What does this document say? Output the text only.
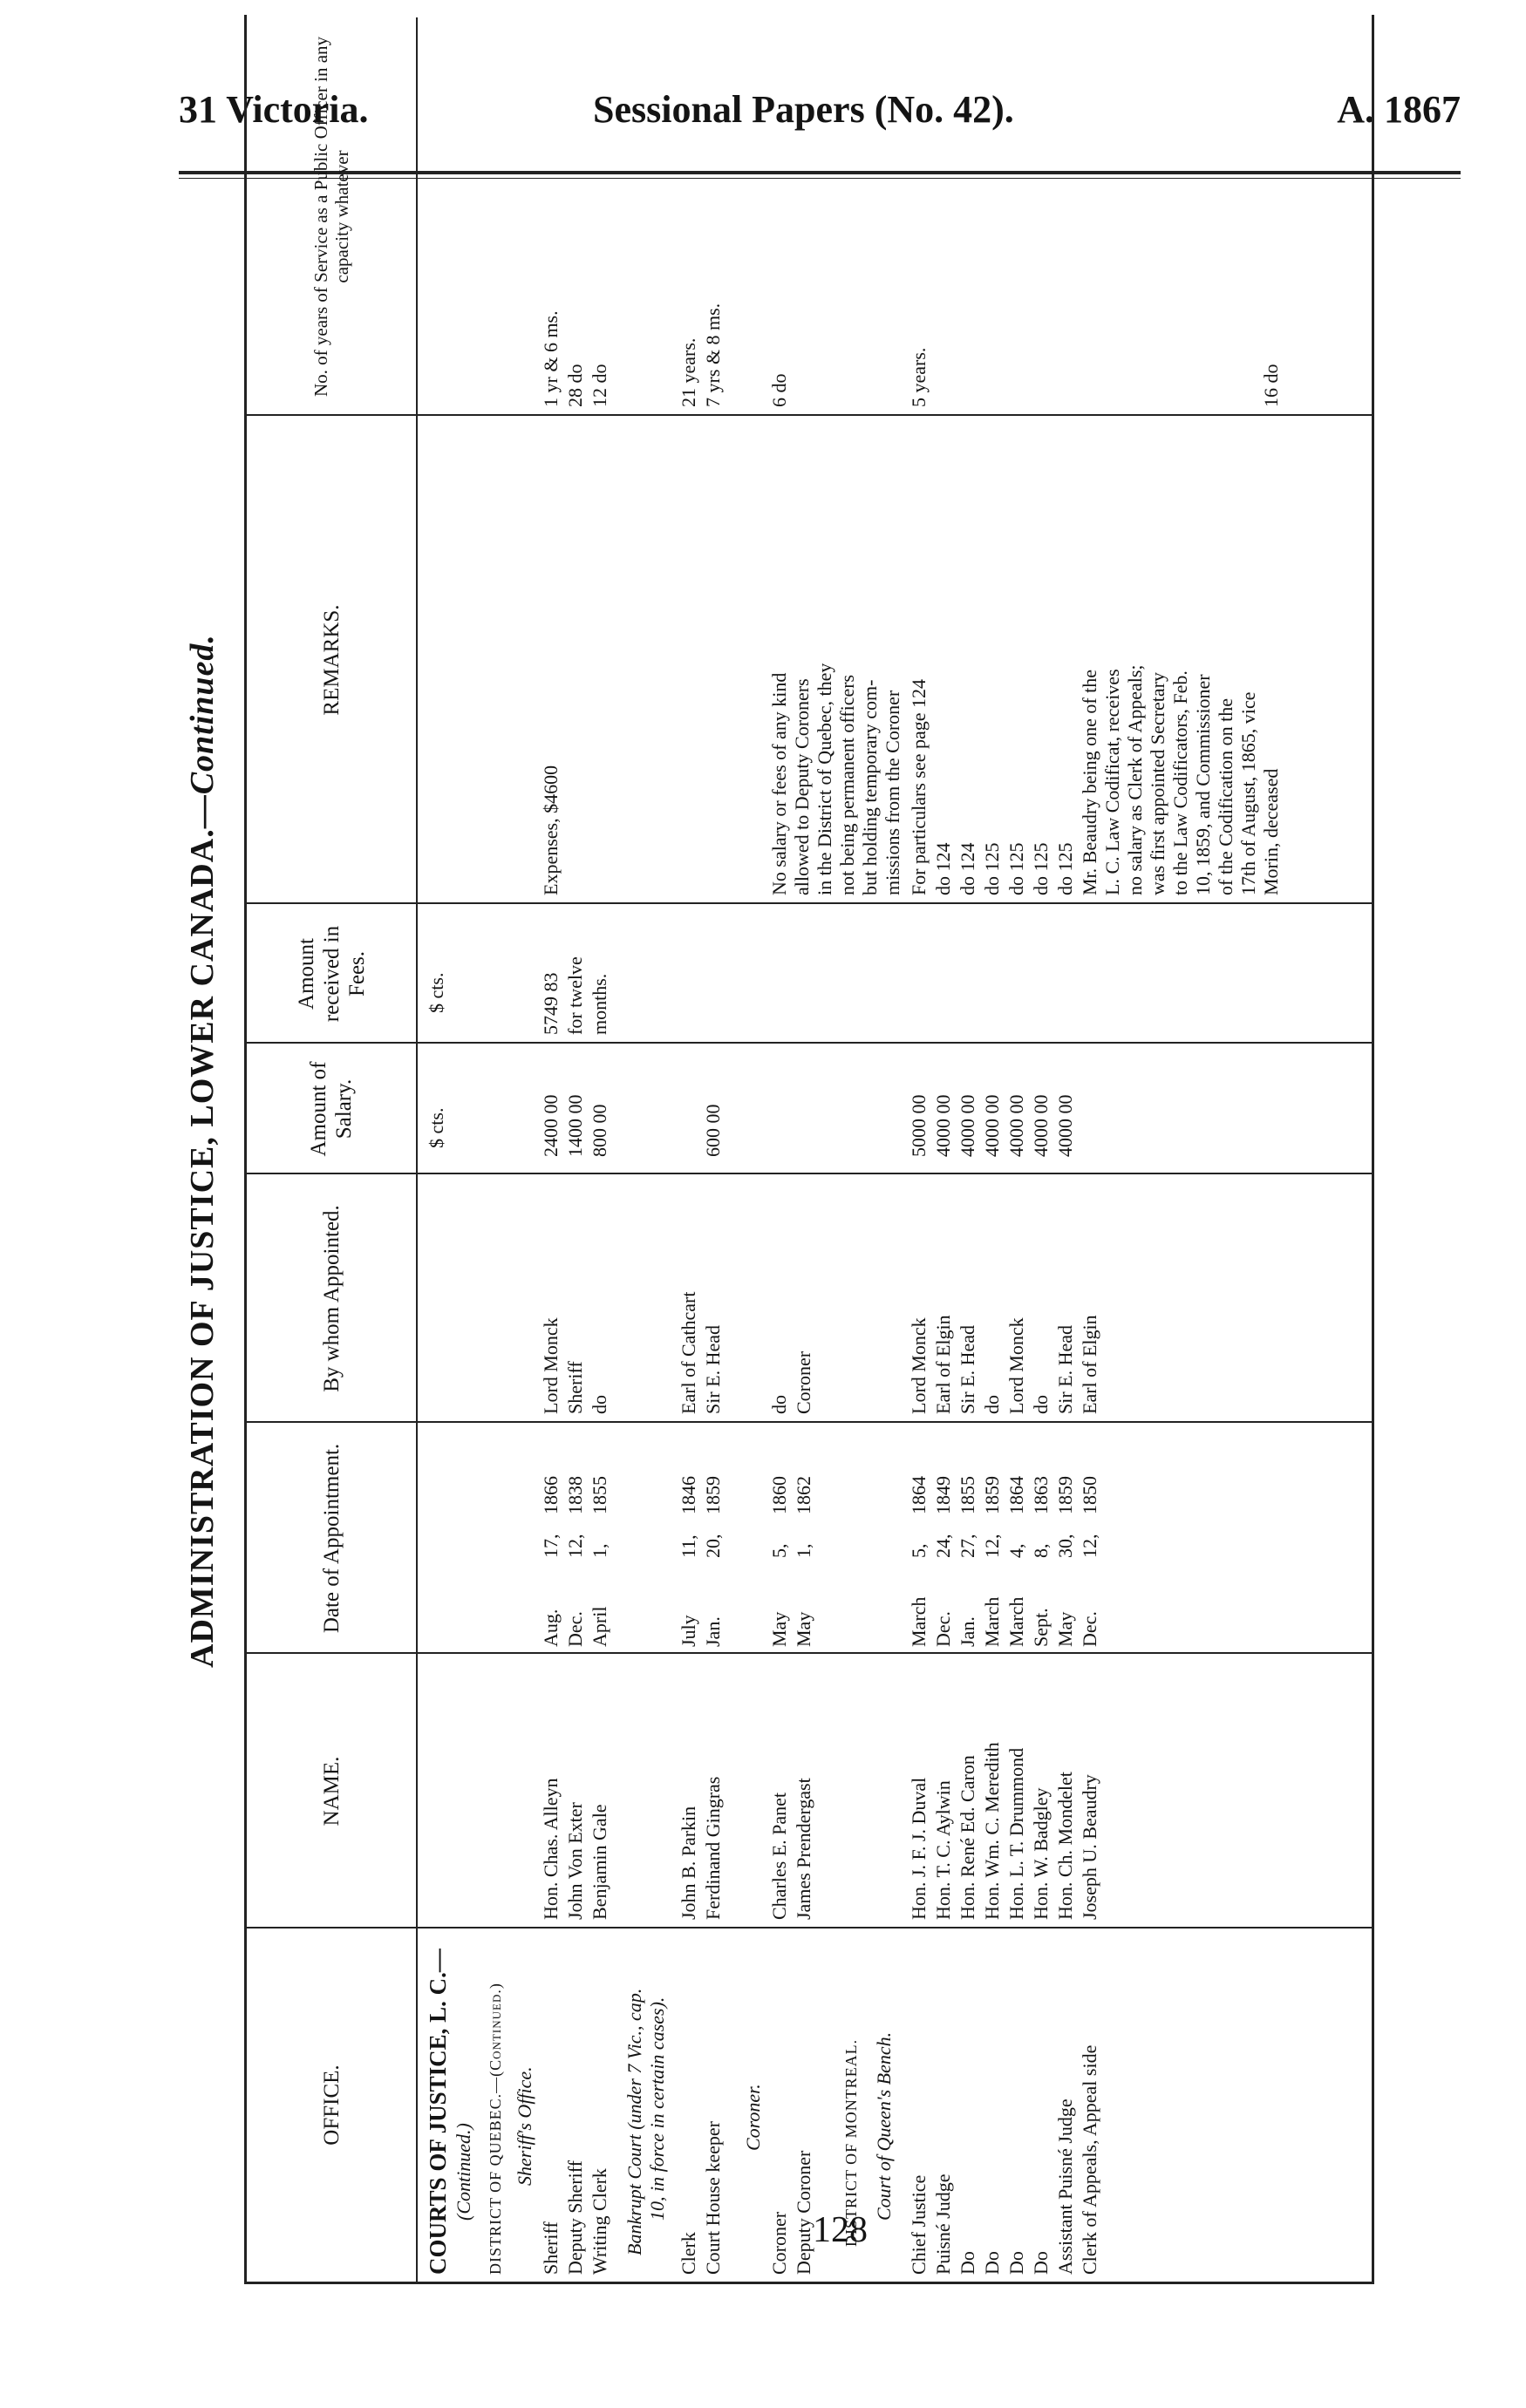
31 Victoria.	Sessional Papers (No. 42).	A. 1867
ADMINISTRATION OF JUSTICE, LOWER CANADA.—Continued.
OFFICE.
NAME.
Date of Appointment.
By whom Appointed.
Amount of Salary.
Amount received in Fees.
REMARKS.
No. of years of Service as a Public Officer in any capacity whatever
$ cts.
$ cts.
COURTS OF JUSTICE, L. C.— (Continued.) DISTRICT OF QUEBEC.—(Continued.) Sheriff's Office.
Sheriff
Hon. Chas. Alleyn
Aug.
17,
1866
Lord Monck
2400 00
5749 83
Expenses, $4600
1 yr & 6 ms.
Deputy Sheriff
John Von Exter
Dec.
12,
1838
Sheriff
1400 00
for twelve
28 do
Writing Clerk
Benjamin Gale
April
1,
1855
do
800 00
months.
12 do
Bankrupt Court (under 7 Vic., cap. 10, in force in certain cases).
Clerk
John B. Parkin
July
11,
1846
Earl of Cathcart
21 years.
Court House keeper
Ferdinand Gingras
Jan.
20,
1859
Sir E. Head
600 00
7 yrs & 8 ms.
Coroner.
Coroner
Charles E. Panet
May
5,
1860
do
6 do
Deputy Coroner
James Prendergast
May
1,
1862
Coroner
No salary or fees of any kind allowed to Deputy Coroners in the District of Quebec, they not being permanent officers but holding temporary com- missions from the Coroner
DISTRICT OF MONTREAL. Court of Queen's Bench.
Chief Justice
Hon. J. F. J. Duval
March
5,
1864
Lord Monck
5000 00
For particulars see page 124
5 years.
Puisné Judge
Hon. T. C. Aylwin
Dec.
24,
1849
Earl of Elgin
4000 00
do 124
Do
Hon. René Ed. Caron
Jan.
27,
1855
Sir E. Head
4000 00
do 124
Do
Hon. Wm. C. Meredith
March
12,
1859
do
4000 00
do 125
Do
Hon. L. T. Drummond
March
4,
1864
Lord Monck
4000 00
do 125
Do
Hon. W. Badgley
Sept.
8,
1863
do
4000 00
do 125
Assistant Puisné Judge
Hon. Ch. Mondelet
May
30,
1859
Sir E. Head
4000 00
do 125
Clerk of Appeals, Appeal side
Joseph U. Beaudry
Dec.
12,
1850
Earl of Elgin
Mr. Beaudry being one of the L. C. Law Codificat, receives no salary as Clerk of Appeals; was first appointed Secretary to the Law Codificators, Feb. 10, 1859, and Commissioner of the Codification on the 17th of August, 1865, vice Morin, deceased
16 do
128
